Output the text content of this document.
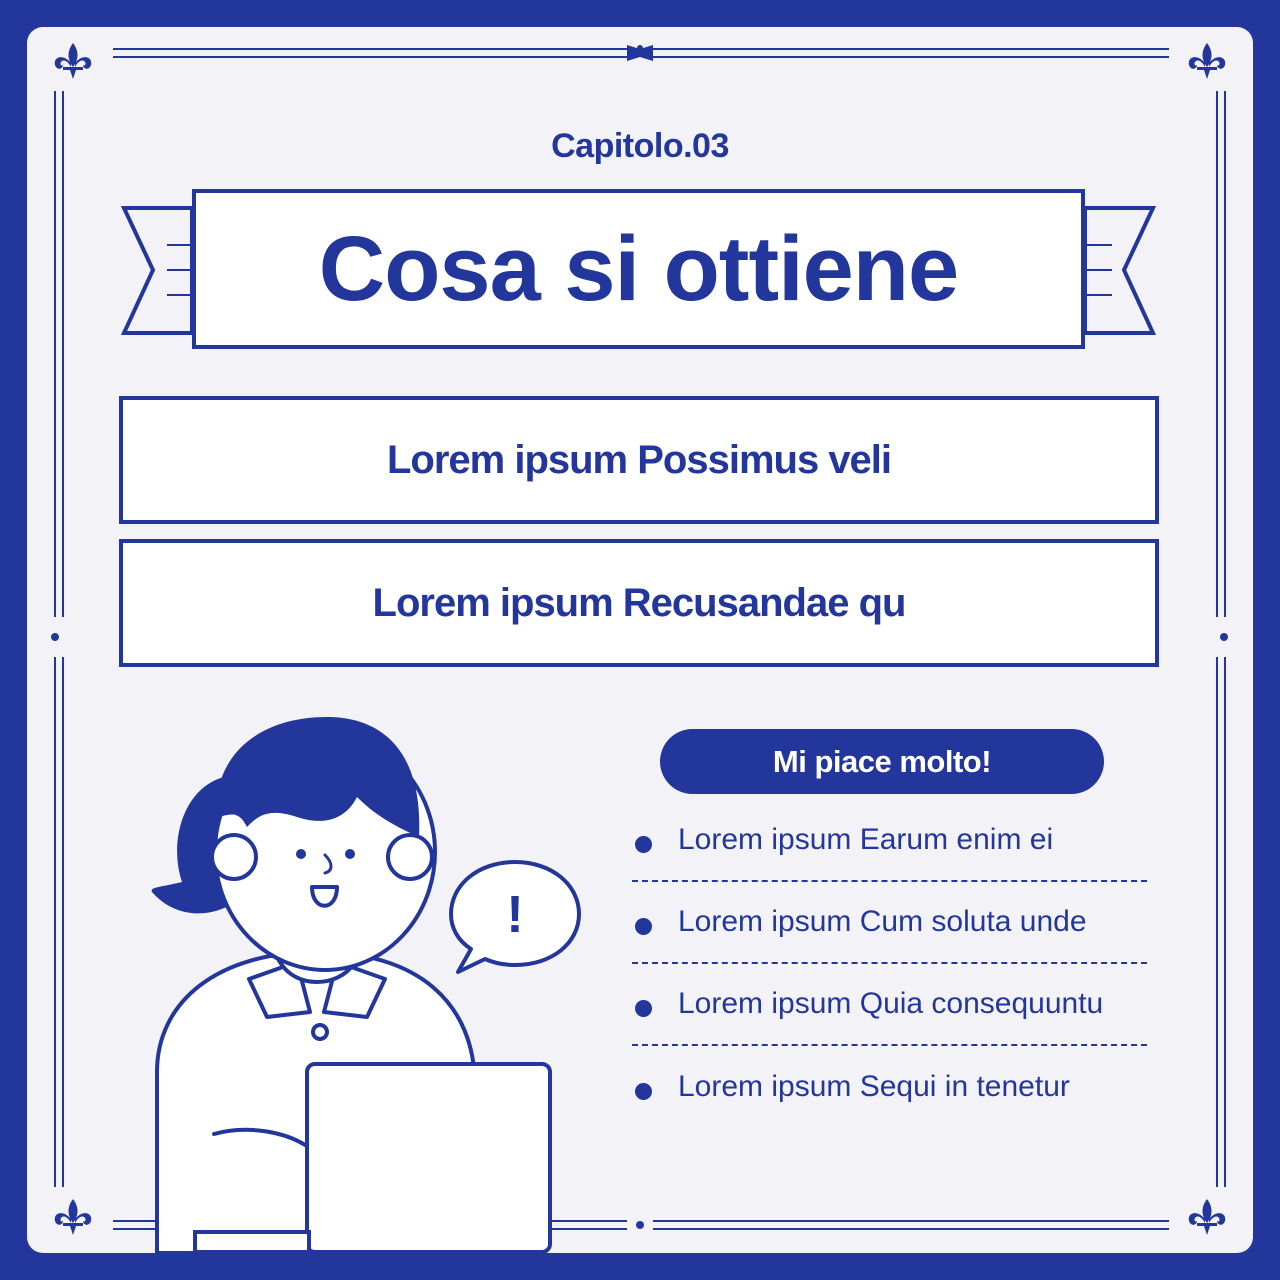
Capitolo.03
Cosa si ottiene
Lorem ipsum Possimus veli
Lorem ipsum Recusandae qu
Mi piace molto!
Lorem ipsum Earum enim ei
Lorem ipsum Cum soluta unde
Lorem ipsum Quia consequuntu
Lorem ipsum Sequi in tenetur
!
